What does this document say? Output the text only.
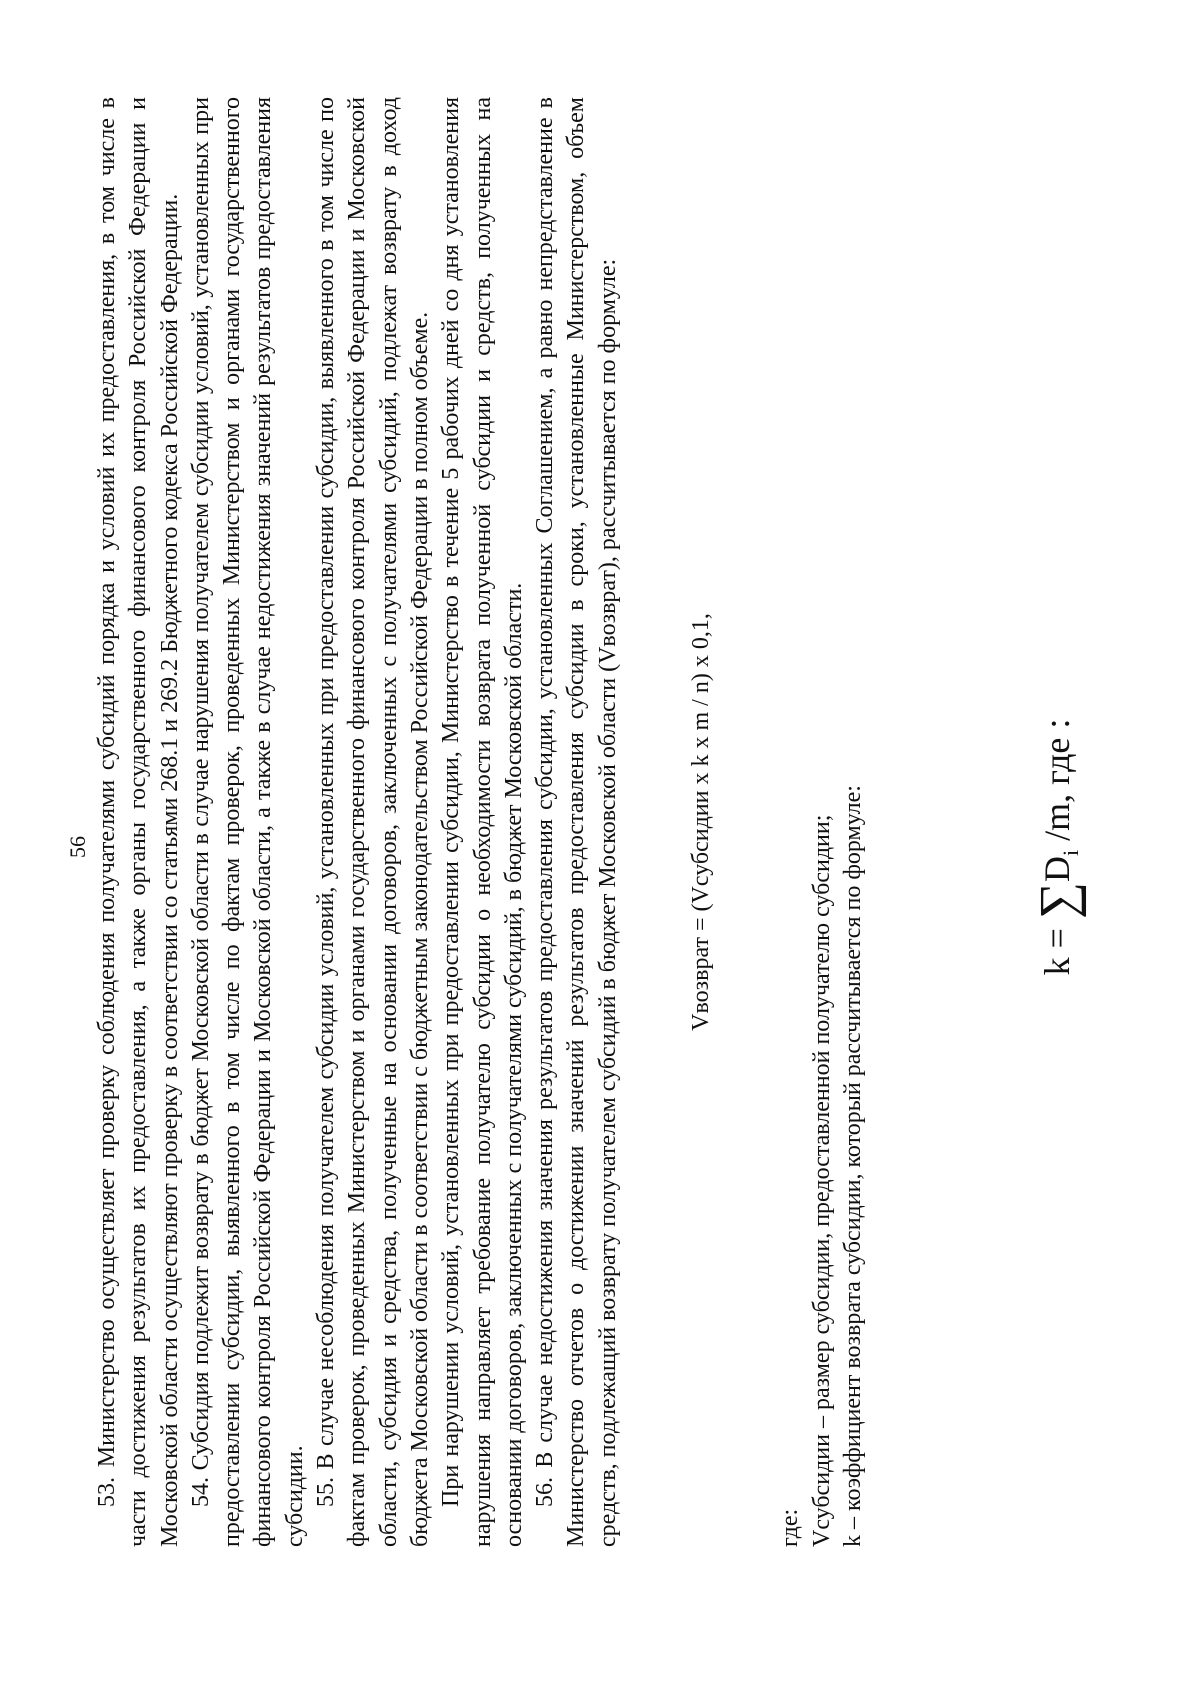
56 53. Министерство осуществляет проверку соблюдения получателями субсидий порядка и условий их предоставления, в том числе в части достижения результатов их предоставления, а также органы государственного финансового контроля Российской Федерации и Московской области осуществляют проверку в соответствии со статьями 268.1 и 269.2 Бюджетного кодекса Российской Федерации. 54. Субсидия подлежит возврату в бюджет Московской области в случае нарушения получателем субсидии условий, установленных при предоставлении субсидии, выявленного в том числе по фактам проверок, проведенных Министерством и органами государственного финансового контроля Российской Федерации и Московской области, а также в случае недостижения значений результатов предоставления субсидии. 55. В случае несоблюдения получателем субсидии условий, установленных при предоставлении субсидии, выявленного в том числе по фактам проверок, проведенных Министерством и органами государственного финансового контроля Российской Федерации и Московской области, субсидия и средства, полученные на основании договоров, заключенных с получателями субсидий, подлежат возврату в доход бюджета Московской области в соответствии с бюджетным законодательством Российской Федерации в полном объеме. При нарушении условий, установленных при предоставлении субсидии, Министерство в течение 5 рабочих дней со дня установления нарушения направляет требование получателю субсидии о необходимости возврата полученной субсидии и средств, полученных на основании договоров, заключенных с получателями субсидий, в бюджет Московской области. 56. В случае недостижения значения результатов предоставления субсидии, установленных Соглашением, а равно непредставление в Министерство отчетов о достижении значений результатов предоставления субсидии в сроки, установленные Министерством, объем средств, подлежащий возврату получателем субсидий в бюджет Московской области (Vвозврат), рассчитывается по формуле:	Vвозврат = (Vсубсидии x k x m / n) x 0,1,
где: Vсубсидии – размер субсидии, предоставленной получателю субсидии; k – коэффициент возврата субсидии, который рассчитывается по формуле:	$k = \sum D_i$ /m, где :
